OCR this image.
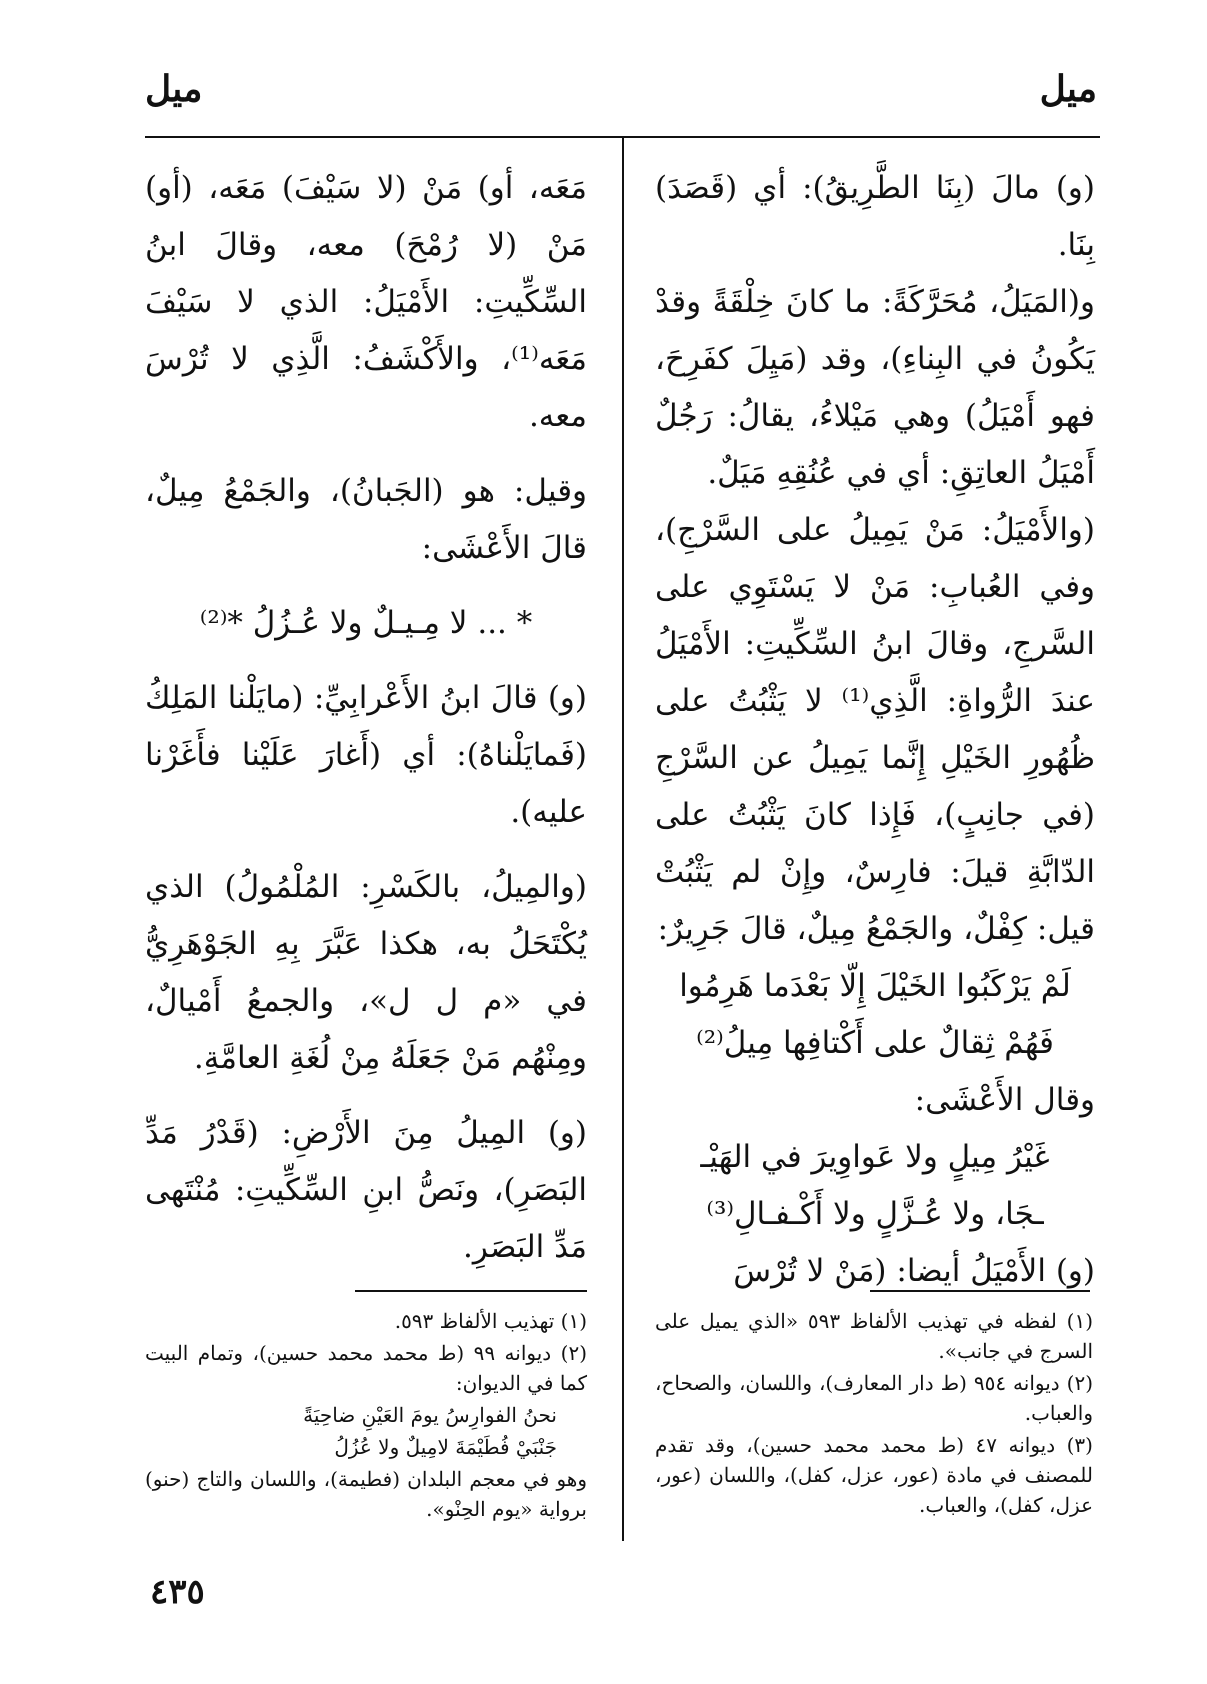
ميل
ميل

(و) مالَ (بِنَا الطَّرِيقُ): أي (قَصَدَ) بِنَا.

و(المَيَلُ، مُحَرَّكَةً: ما كانَ خِلْقَةً وقدْ يَكُونُ في البِناءِ)، وقد (مَيِلَ كفَرِحَ، فهو أَمْيَلُ) وهي مَيْلاءُ، يقالُ: رَجُلٌ أَمْيَلُ العاتِقِ: أي في عُنُقِهِ مَيَلٌ.

(والأَمْيَلُ: مَنْ يَمِيلُ على السَّرْجِ)، وفي العُبابِ: مَنْ لا يَسْتَوِي على السَّرجِ، وقالَ ابنُ السِّكِّيتِ: الأَمْيَلُ عندَ الرُّواةِ: الَّذِي⁽¹⁾ لا يَثْبُتُ على ظُهُورِ الخَيْلِ إِنَّما يَمِيلُ عن السَّرْجِ (في جانِبٍ)، فَإِذا كانَ يَثْبُتُ على الدّابَّةِ قيلَ: فارِسٌ، وإِنْ لم يَثْبُتْ قيل: كِفْلٌ، والجَمْعُ مِيلٌ، قالَ جَرِيرٌ:

لَمْ يَرْكَبُوا الخَيْلَ إِلّا بَعْدَما هَرِمُوا

فَهُمْ ثِقالٌ على أَكْتافِها مِيلُ⁽²⁾

وقال الأَعْشَى:

غَيْرُ مِيلٍ ولا عَواوِيرَ في الهَيْـ

ـجَا، ولا عُـزَّلٍ ولا أَكْـفـالِ⁽³⁾

(و) الأَمْيَلُ أيضا: (مَنْ لا تُرْسَ

مَعَه، أو) مَنْ (لا سَيْفَ) مَعَه، (أو) مَنْ (لا رُمْحَ) معه، وقالَ ابنُ السِّكِّيتِ: الأَمْيَلُ: الذي لا سَيْفَ مَعَه⁽¹⁾، والأَكْشَفُ: الَّذِي لا تُرْسَ معه.

وقيل: هو (الجَبانُ)، والجَمْعُ مِيلٌ، قالَ الأَعْشَى:

* ... لا مِـيـلٌ ولا عُـزُلُ *⁽²⁾

(و) قالَ ابنُ الأَعْرابِيِّ: (مايَلْنا المَلِكُ (فَمايَلْناهُ): أي (أَغارَ عَلَيْنا فأَغَرْنا عليه).

(والمِيلُ، بالكَسْرِ: المُلْمُولُ) الذي يُكْتَحَلُ به، هكذا عَبَّرَ بِهِ الجَوْهَرِيُّ في «م ل ل»، والجمعُ أَمْيالٌ، ومِنْهُم مَنْ جَعَلَهُ مِنْ لُغَةِ العامَّةِ.

(و) المِيلُ مِنَ الأَرْضِ: (قَدْرُ مَدِّ البَصَرِ)، ونَصُّ ابنِ السِّكِّيتِ: مُنْتَهى مَدِّ البَصَرِ.

(١) لفظه في تهذيب الألفاظ ٥٩٣ «الذي يميل على السرج في جانب».

(٢) ديوانه ٩٥٤ (ط دار المعارف)، واللسان، والصحاح، والعباب.

(٣) ديوانه ٤٧ (ط محمد محمد حسين)، وقد تقدم للمصنف في مادة (عور، عزل، كفل)، واللسان (عور، عزل، كفل)، والعباب.

(١) تهذيب الألفاظ ٥٩٣.

(٢) ديوانه ٩٩ (ط محمد محمد حسين)، وتمام البيت كما في الديوان:

نحنُ الفوارِسُ يومَ العَيْنِ ضاحِيَةً

جَنْبَيْ فُطَيْمَةَ لامِيلٌ ولا عُزُلُ

وهو في معجم البلدان (فطيمة)، واللسان والتاج (حنو) برواية «يوم الحِنْو».

٤٣٥
